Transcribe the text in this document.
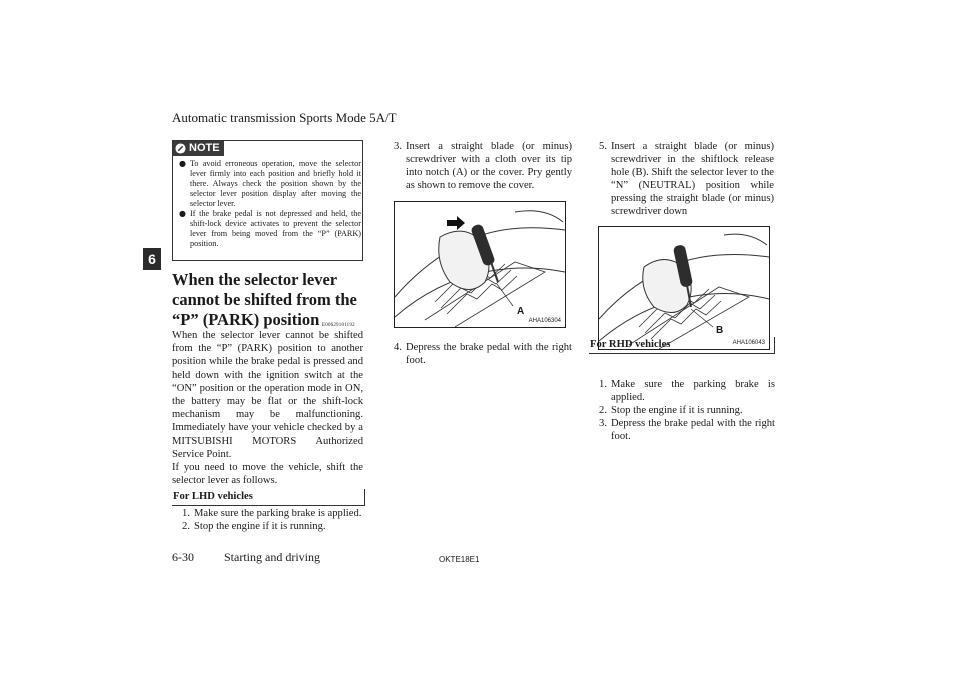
Automatic transmission Sports Mode 5A/T
6
NOTE
● To avoid erroneous operation, move the selector lever firmly into each position and briefly hold it there. Always check the position shown by the selector lever position display after moving the selector lever.
● If the brake pedal is not depressed and held, the shift-lock device activates to prevent the selector lever from being moved from the “P” (PARK) position.
When the selector lever cannot be shifted from the “P” (PARK) position E00629101192
When the selector lever cannot be shifted from the “P” (PARK) position to another position while the brake pedal is pressed and held down with the ignition switch at the “ON” position or the operation mode in ON, the battery may be flat or the shift-lock mechanism may be malfunctioning. Immediately have your vehicle checked by a MITSUBISHI MOTORS Authorized Service Point.
If you need to move the vehicle, shift the selector lever as follows.
For LHD vehicles
1. Make sure the parking brake is applied.
2. Stop the engine if it is running.
3. Insert a straight blade (or minus) screwdriver with a cloth over its tip into notch (A) or the cover. Pry gently as shown to remove the cover.
A
AHA106304
4. Depress the brake pedal with the right foot.
5. Insert a straight blade (or minus) screwdriver in the shiftlock release hole (B). Shift the selector lever to the “N” (NEUTRAL) position while pressing the straight blade (or minus) screwdriver down
B
AHA106043
For RHD vehicles
1. Make sure the parking brake is applied.
2. Stop the engine if it is running.
3. Depress the brake pedal with the right foot.
6-30	Starting and driving	OKTE18E1
